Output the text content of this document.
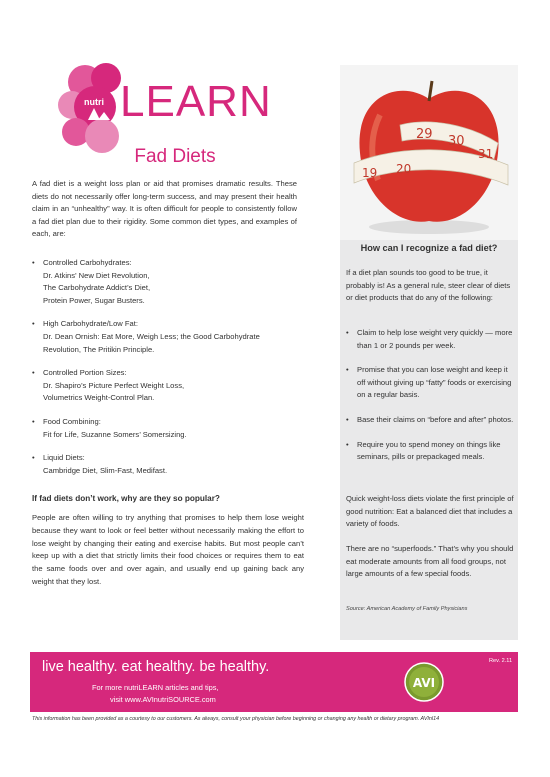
nutri LEARN
Fad Diets

A fad diet is a weight loss plan or aid that promises dramatic results. These diets do not necessarily offer long-term success, and may present their health claim in an “unhealthy” way. It is often difficult for people to consistently follow a fad diet plan due to their rigidity. Some common diet types, and examples of each, are:

• Controlled Carbohydrates:
Dr. Atkins' New Diet Revolution,
The Carbohydrate Addict’s Diet,
Protein Power, Sugar Busters.
• High Carbohydrate/Low Fat:
Dr. Dean Ornish: Eat More, Weigh Less; the Good Carbohydrate
Revolution, The Pritikin Principle.
• Controlled Portion Sizes:
Dr. Shapiro’s Picture Perfect Weight Loss,
Volumetrics Weight-Control Plan.
• Food Combining:
Fit for Life, Suzanne Somers’ Somersizing.
• Liquid Diets:
Cambridge Diet, Slim-Fast, Medifast.
If fad diets don’t work, why are they so popular?

People are often willing to try anything that promises to help them lose weight because they want to look or feel better without necessarily making the effort to lose weight by changing their eating and exercise habits. But most people can’t keep up with a diet that strictly limits their food choices or requires them to eat the same foods over and over again, and usually end up gaining back any weight that they lost.

29 30
31
19 20
How can I recognize a fad diet?

If a diet plan sounds too good to be true, it probably is! As a general rule, steer clear of diets or diet products that do any of the following:

• Claim to help lose weight very quickly — more than 1 or 2 pounds per week.
• Promise that you can lose weight and keep it off without giving up “fatty” foods or exercising on a regular basis.
• Base their claims on “before and after” photos.
• Require you to spend money on things like seminars, pills or prepackaged meals.

Quick weight-loss diets violate the first principle of good nutrition: Eat a balanced diet that includes a variety of foods.

There are no “superfoods.” That’s why you should eat moderate amounts from all food groups, not large amounts of a few special foods.

Source: American Academy of Family Physicians

live healthy. eat healthy. be healthy.
For more nutriLEARN articles and tips,
visit www.AVInutriSOURCE.com
Rev. 2.11
AVI
This information has been provided as a courtesy to our customers. As always, consult your physician before beginning or changing any health or dietary program. AVInl14
